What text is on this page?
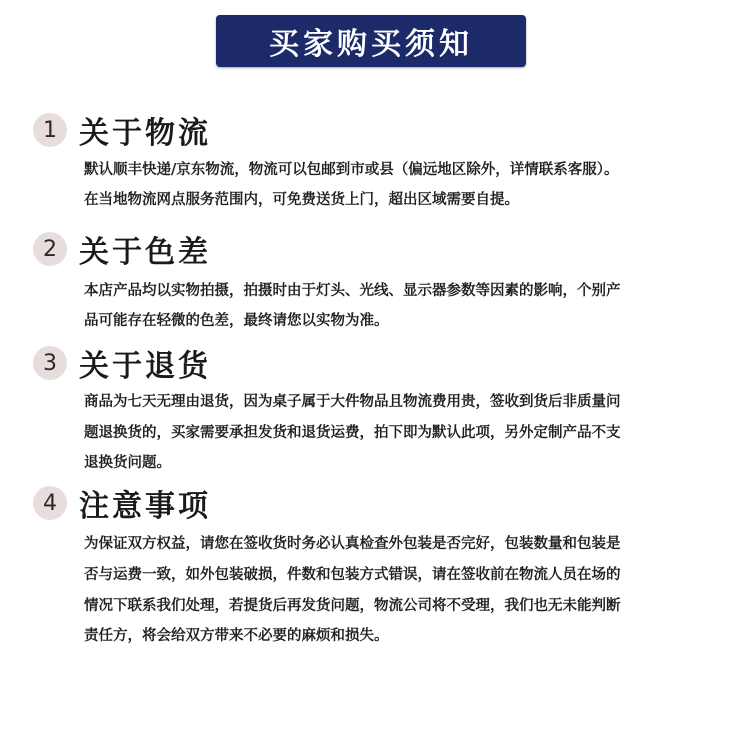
买家购买须知
1 关于物流
默认顺丰快递/京东物流，物流可以包邮到市或县（偏远地区除外，详情联系客服）。
在当地物流网点服务范围内，可免费送货上门，超出区域需要自提。
2 关于色差
本店产品均以实物拍摄，拍摄时由于灯头、光线、显示器参数等因素的影响，个别产
品可能存在轻微的色差，最终请您以实物为准。
3 关于退货
商品为七天无理由退货，因为桌子属于大件物品且物流费用贵，签收到货后非质量问
题退换货的，买家需要承担发货和退货运费，拍下即为默认此项，另外定制产品不支
退换货问题。
4 注意事项
为保证双方权益，请您在签收货时务必认真检查外包装是否完好，包装数量和包装是
否与运费一致，如外包装破损，件数和包装方式错误，请在签收前在物流人员在场的
情况下联系我们处理，若提货后再发货问题，物流公司将不受理，我们也无未能判断
责任方，将会给双方带来不必要的麻烦和损失。
